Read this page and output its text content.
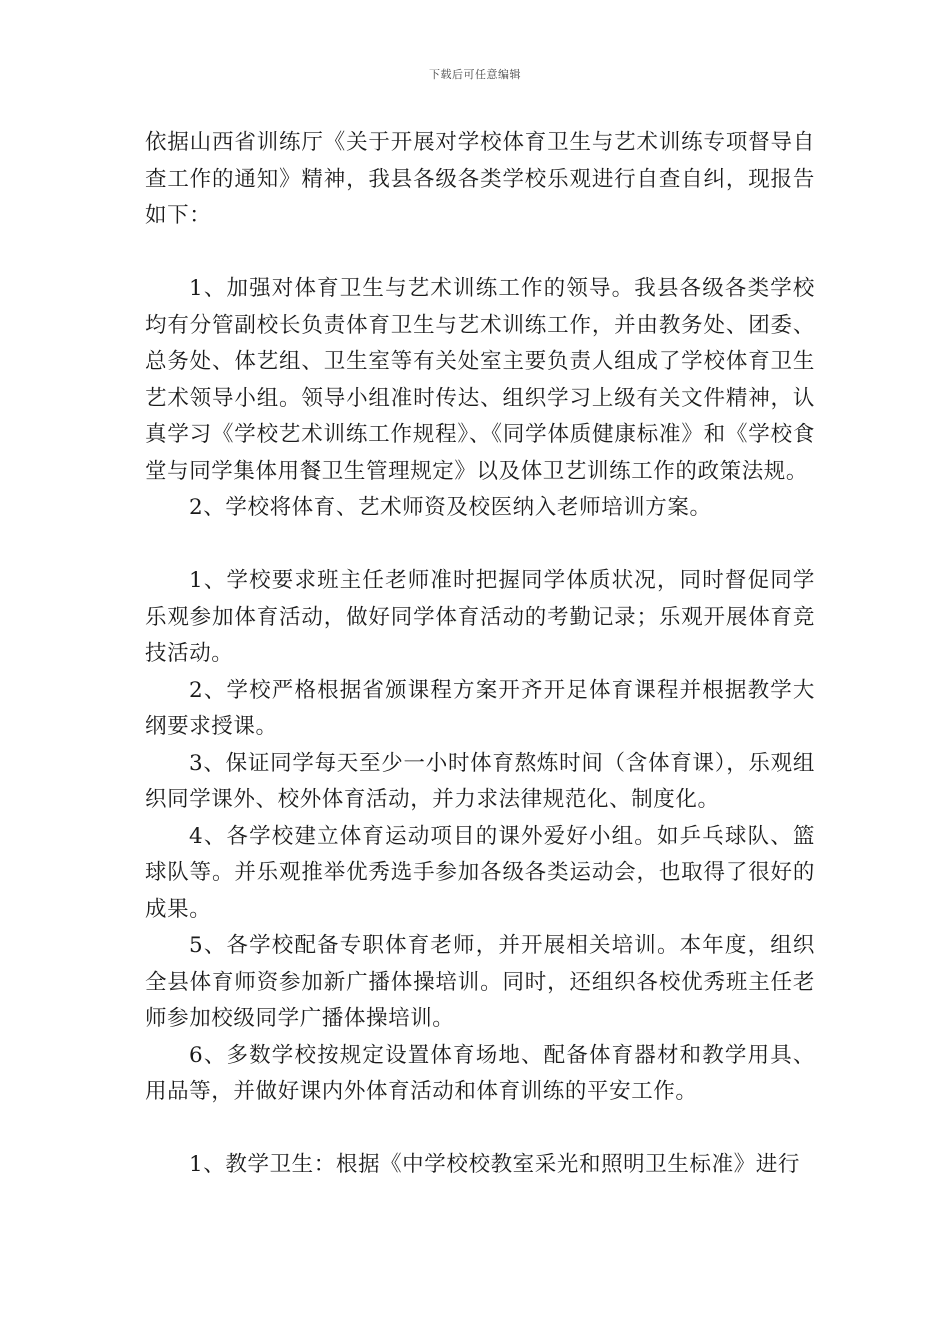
下载后可任意编辑

依据山西省训练厅《关于开展对学校体育卫生与艺术训练专项督导自查工作的通知》精神，我县各级各类学校乐观进行自查自纠，现报告如下：

1、加强对体育卫生与艺术训练工作的领导。我县各级各类学校均有分管副校长负责体育卫生与艺术训练工作，并由教务处、团委、总务处、体艺组、卫生室等有关处室主要负责人组成了学校体育卫生艺术领导小组。领导小组准时传达、组织学习上级有关文件精神，认真学习《学校艺术训练工作规程》、《同学体质健康标准》和《学校食堂与同学集体用餐卫生管理规定》以及体卫艺训练工作的政策法规。

2、学校将体育、艺术师资及校医纳入老师培训方案。

1、学校要求班主任老师准时把握同学体质状况，同时督促同学乐观参加体育活动，做好同学体育活动的考勤记录；乐观开展体育竞技活动。

2、学校严格根据省颁课程方案开齐开足体育课程并根据教学大纲要求授课。

3、保证同学每天至少一小时体育熬炼时间（含体育课），乐观组织同学课外、校外体育活动，并力求法律规范化、制度化。

4、各学校建立体育运动项目的课外爱好小组。如乒乓球队、篮球队等。并乐观推举优秀选手参加各级各类运动会，也取得了很好的成果。

5、各学校配备专职体育老师，并开展相关培训。本年度，组织全县体育师资参加新广播体操培训。同时，还组织各校优秀班主任老师参加校级同学广播体操培训。

6、多数学校按规定设置体育场地、配备体育器材和教学用具、用品等，并做好课内外体育活动和体育训练的平安工作。

1、教学卫生：根据《中学校校教室采光和照明卫生标准》进行
